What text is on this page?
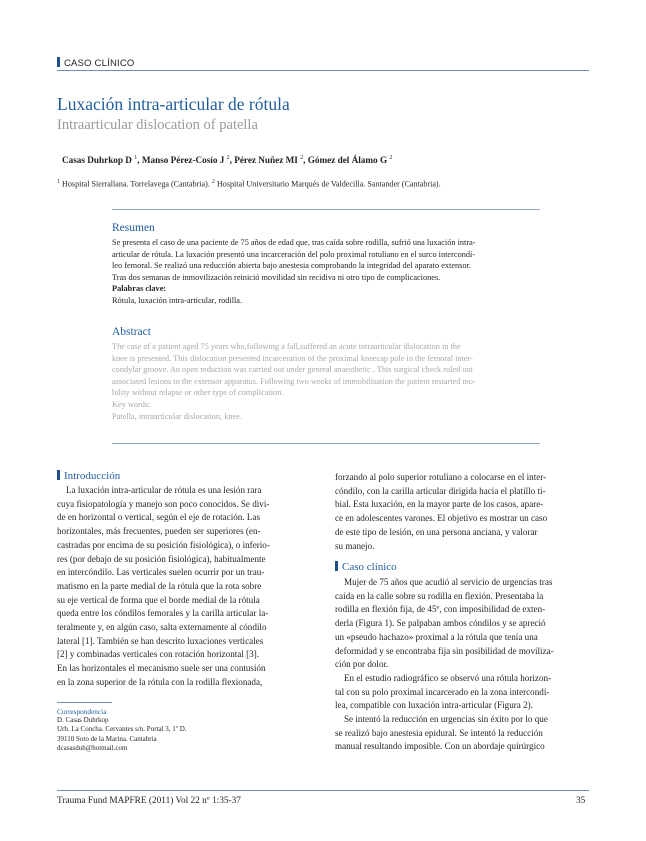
CASO CLÍNICO
Luxación intra-articular de rótula
Intraarticular dislocation of patella
Casas Duhrkop D $^1$, Manso Pérez-Cosío J $^2$, Pérez Nuñez MI $^2$, Gómez del Álamo G $^2$
$^1$ Hospital Sierrallana. Torrelavega (Cantabria). $^2$ Hospital Universitario Marqués de Valdecilla. Santander (Cantabria).
Resumen
Se presenta el caso de una paciente de 75 años de edad que, tras caída sobre rodilla, sufrió una luxación intra-
articular de rótula. La luxación presentó una incarceración del polo proximal rotuliano en el surco intercondí-
leo femoral. Se realizó una reducción abierta bajo anestesia comprobando la integridad del aparato extensor.
Tras dos semanas de inmovilización reinició movilidad sin recidiva ni otro tipo de complicaciones.
Palabras clave:
Rótula, luxación intra-articular, rodilla.
Abstract
The case of a patient aged 75 years who,following a fall,suffered an acute intraarticular dislocation in the
knee is presented. This dislocation presented incarceration of the proximal kneecap pole in the femoral inter-
condylar groove. An open reduction was carried out under general anaesthetic . This surgical check ruled out
associated lesions to the extensor apparatus. Following two weeks of immobilisation the patient restarted mo-
bility without relapse or other type of complication.
Key words:
Patella, intraarticular dislocation, knee.
Introducción

La luxación intra-articular de rótula es una lesión rara

cuya fisiopatología y manejo son poco conocidos. Se divi-

de en horizontal o vertical, según el eje de rotación. Las

horizontales, más frecuentes, pueden ser superiores (en-

castradas por encima de su posición fisiológica), o inferio-

res (por debajo de su posición fisiológica), habitualmente

en intercóndilo. Las verticales suelen ocurrir por un trau-

matismo en la parte medial de la rótula que la rota sobre

su eje vertical de forma que el borde medial de la rótula

queda entre los cóndilos femorales y la carilla articular la-

teralmente y, en algún caso, salta externamente al cóndilo

lateral [1]. También se han descrito luxaciones verticales

[2] y combinadas verticales con rotación horizontal [3].

En las horizontales el mecanismo suele ser una contusión

en la zona superior de la rótula con la rodilla flexionada,

Correspondencia
D. Casas Duhrkop
Urb. La Concha. Cervantes s/n. Portal 3, 1º D.
39110 Soto de la Marina. Cantabria
dcasasduh@hotmail.com

forzando al polo superior rotuliano a colocarse en el inter-

cóndilo, con la carilla articular dirigida hacia el platillo ti-

bial. Esta luxación, en la mayor parte de los casos, apare-

ce en adolescentes varones. El objetivo es mostrar un caso

de este tipo de lesión, en una persona anciana, y valorar

su manejo.

Caso clínico

Mujer de 75 años que acudió al servicio de urgencias tras

caída en la calle sobre su rodilla en flexión. Presentaba la

rodilla en flexión fija, de 45º, con imposibilidad de exten-

derla (Figura 1). Se palpaban ambos cóndilos y se apreció

un «pseudo hachazo» proximal a la rótula que tenía una

deformidad y se encontraba fija sin posibilidad de moviliza-

ción por dolor.

En el estudio radiográfico se observó una rótula horizon-

tal con su polo proximal incarcerado en la zona intercondí-

lea, compatible con luxación intra-articular (Figura 2).

Se intentó la reducción en urgencias sin éxito por lo que

se realizó bajo anestesia epidural. Se intentó la reducción

manual resultando imposible. Con un abordaje quirúrgico

Trauma Fund MAPFRE (2011) Vol 22 nº 1:35-37	35
